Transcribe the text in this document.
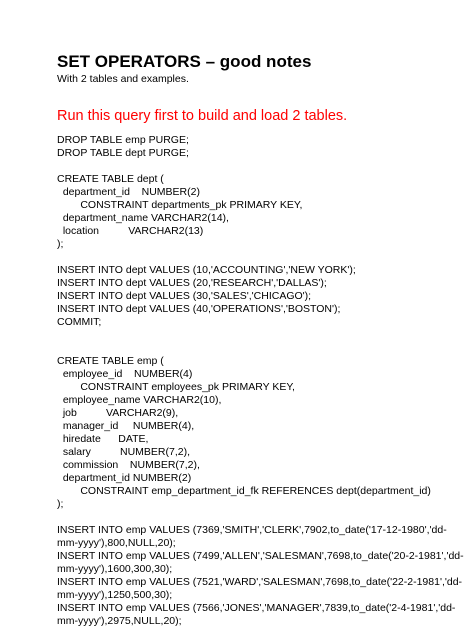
SET OPERATORS – good notes
With 2 tables and examples.
Run this query first to build and load 2 tables.
DROP TABLE emp PURGE;
DROP TABLE dept PURGE;
CREATE TABLE dept (
department_id    NUMBER(2)
CONSTRAINT departments_pk PRIMARY KEY,
department_name VARCHAR2(14),
location          VARCHAR2(13)
);
INSERT INTO dept VALUES (10,'ACCOUNTING','NEW YORK');
INSERT INTO dept VALUES (20,'RESEARCH','DALLAS');
INSERT INTO dept VALUES (30,'SALES','CHICAGO');
INSERT INTO dept VALUES (40,'OPERATIONS','BOSTON');
COMMIT;
CREATE TABLE emp (
employee_id    NUMBER(4)
CONSTRAINT employees_pk PRIMARY KEY,
employee_name VARCHAR2(10),
job          VARCHAR2(9),
manager_id     NUMBER(4),
hiredate      DATE,
salary          NUMBER(7,2),
commission    NUMBER(7,2),
department_id NUMBER(2)
CONSTRAINT emp_department_id_fk REFERENCES dept(department_id)
);
INSERT INTO emp VALUES (7369,'SMITH','CLERK',7902,to_date('17-12-1980','dd-
mm-yyyy'),800,NULL,20);
INSERT INTO emp VALUES (7499,'ALLEN','SALESMAN',7698,to_date('20-2-1981','dd-
mm-yyyy'),1600,300,30);
INSERT INTO emp VALUES (7521,'WARD','SALESMAN',7698,to_date('22-2-1981','dd-
mm-yyyy'),1250,500,30);
INSERT INTO emp VALUES (7566,'JONES','MANAGER',7839,to_date('2-4-1981','dd-
mm-yyyy'),2975,NULL,20);
